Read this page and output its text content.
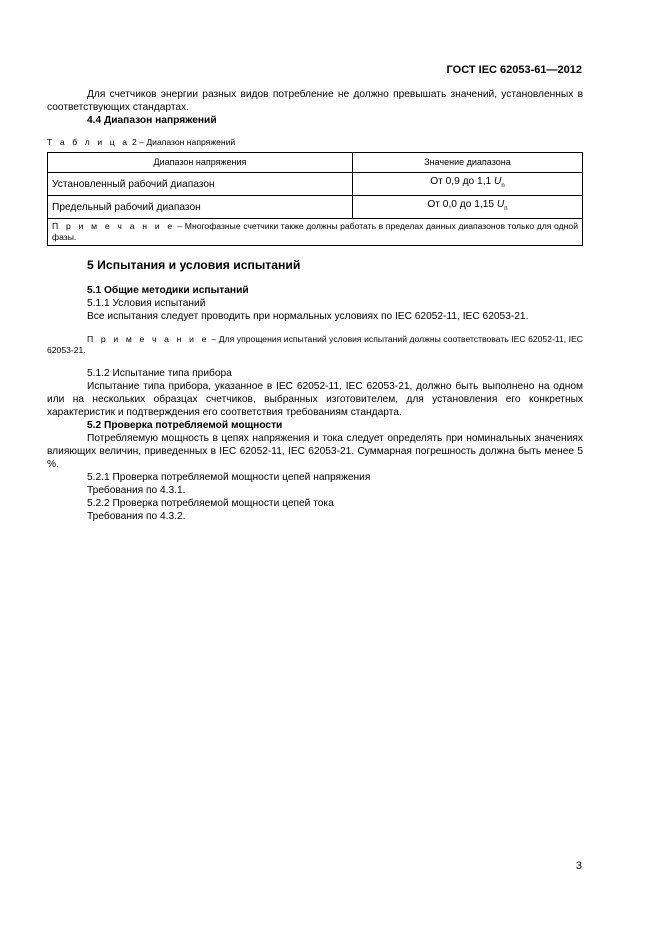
ГОСТ IEC 62053-61—2012

Для счетчиков энергии разных видов потребление не должно превышать значений, установленных в соответствующих стандартах.

4.4 Диапазон напряжений

Т а б л и ц а 2 – Диапазон напряжений
Диапазон напряжения	Значение диапазона
Установленный рабочий диапазон	От 0,9 до 1,1 $U_n$
Предельный рабочий диапазон	От 0,0 до 1,15 $U_n$
П р и м е ч а н и е – Многофазные счетчики также должны работать в пределах данных диапазонов только для одной фазы.	

5 Испытания и условия испытаний

5.1 Общие методики испытаний

5.1.1 Условия испытаний

Все испытания следует проводить при нормальных условиях по IEC 62052-11, IEC 62053-21.

П р и м е ч а н и е – Для упрощения испытаний условия испытаний должны соответствовать IEC 62052-11, IEC 62053-21.

5.1.2 Испытание типа прибора

Испытание типа прибора, указанное в IEC 62052-11, IEC 62053-21, должно быть выполнено на одном или на нескольких образцах счетчиков, выбранных изготовителем, для установления его конкретных характеристик и подтверждения его соответствия требованиям стандарта.

5.2 Проверка потребляемой мощности

Потребляемую мощность в цепях напряжения и тока следует определять при номинальных значениях влияющих величин, приведенных в IEC 62052-11, IEC 62053-21. Суммарная погрешность должна быть менее 5 %.

5.2.1 Проверка потребляемой мощности цепей напряжения

Требования по 4.3.1.

5.2.2 Проверка потребляемой мощности цепей тока

Требования по 4.3.2.

3
